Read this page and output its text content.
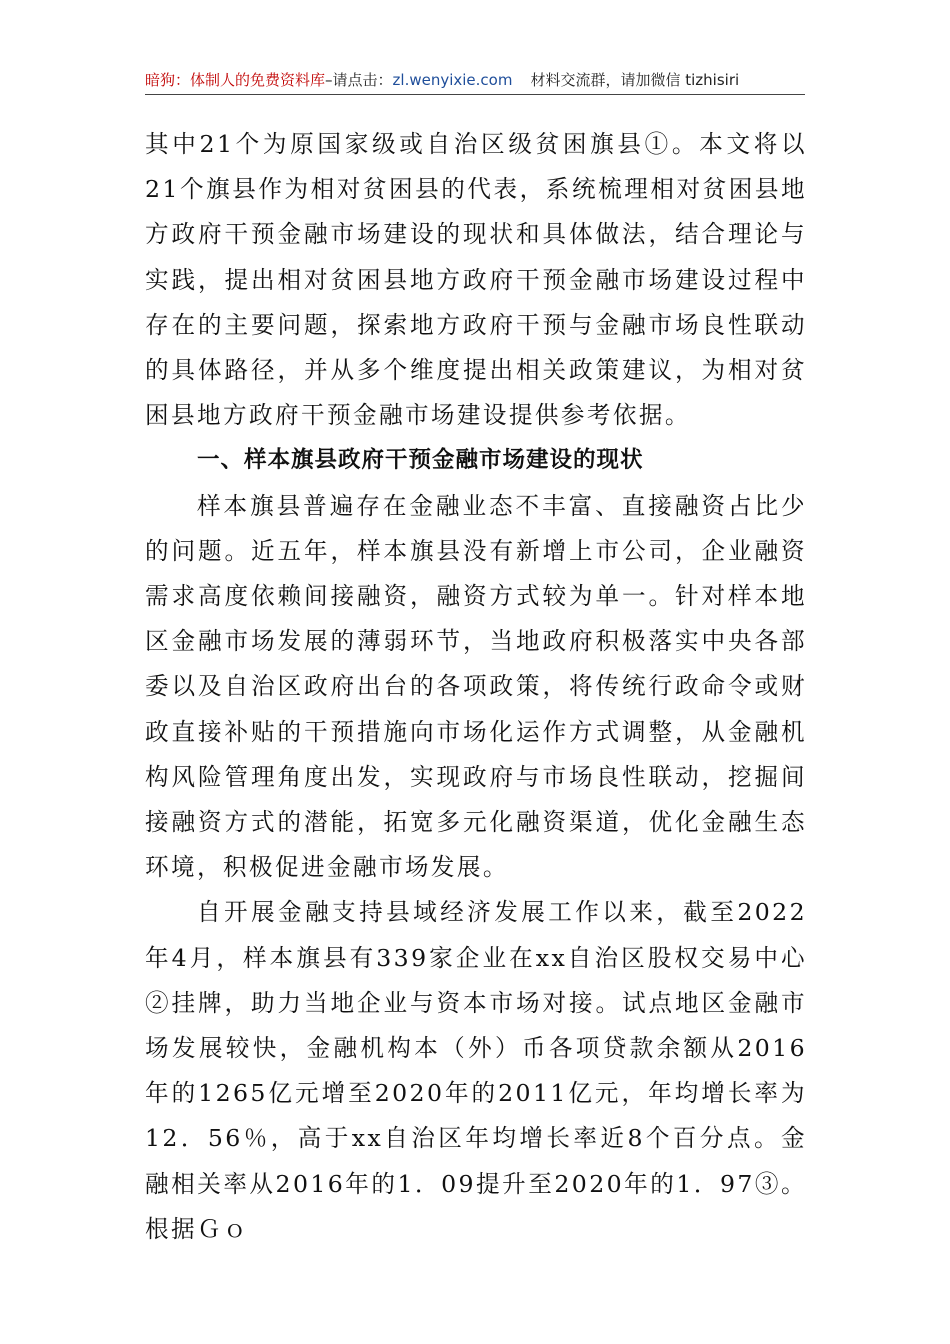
暗狗：体制人的免费资料库–请点击：zl.wenyixie.com 材料交流群，请加微信 tizhisiri

其中21个为原国家级或自治区级贫困旗县①。本文将以21个旗县作为相对贫困县的代表，系统梳理相对贫困县地方政府干预金融市场建设的现状和具体做法，结合理论与实践，提出相对贫困县地方政府干预金融市场建设过程中存在的主要问题，探索地方政府干预与金融市场良性联动的具体路径，并从多个维度提出相关政策建议，为相对贫困县地方政府干预金融市场建设提供参考依据。

一、样本旗县政府干预金融市场建设的现状

样本旗县普遍存在金融业态不丰富、直接融资占比少的问题。近五年，样本旗县没有新增上市公司，企业融资需求高度依赖间接融资，融资方式较为单一。针对样本地区金融市场发展的薄弱环节，当地政府积极落实中央各部委以及自治区政府出台的各项政策，将传统行政命令或财政直接补贴的干预措施向市场化运作方式调整，从金融机构风险管理角度出发，实现政府与市场良性联动，挖掘间接融资方式的潜能，拓宽多元化融资渠道，优化金融生态环境，积极促进金融市场发展。

自开展金融支持县域经济发展工作以来，截至2022年4月，样本旗县有339家企业在xx自治区股权交易中心②挂牌，助力当地企业与资本市场对接。试点地区金融市场发展较快，金融机构本（外）币各项贷款余额从2016年的1265亿元增至2020年的2011亿元，年均增长率为12．56％，高于xx自治区年均增长率近8个百分点。金融相关率从2016年的1．09提升至2020年的1．97③。根据Ｇｏ
